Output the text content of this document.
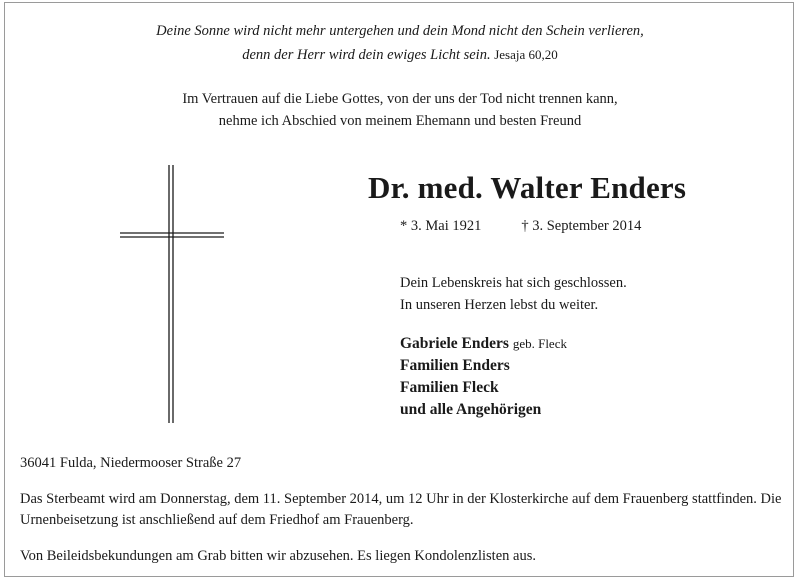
Deine Sonne wird nicht mehr untergehen und dein Mond nicht den Schein verlieren,
denn der Herr wird dein ewiges Licht sein. Jesaja 60,20
Im Vertrauen auf die Liebe Gottes, von der uns der Tod nicht trennen kann,
nehme ich Abschied von meinem Ehemann und besten Freund
Dr. med. Walter Enders
* 3. Mai 1921	† 3. September 2014
Dein Lebenskreis hat sich geschlossen.
In unseren Herzen lebst du weiter.
Gabriele Enders geb. Fleck
Familien Enders
Familien Fleck
und alle Angehörigen
36041 Fulda, Niedermooser Straße 27
Das Sterbeamt wird am Donnerstag, dem 11. September 2014, um 12 Uhr in der Klosterkirche auf dem Frauenberg stattfinden. Die Urnenbeisetzung ist anschließend auf dem Friedhof am Frauenberg.
Von Beileidsbekundungen am Grab bitten wir abzusehen. Es liegen Kondolenzlisten aus.
